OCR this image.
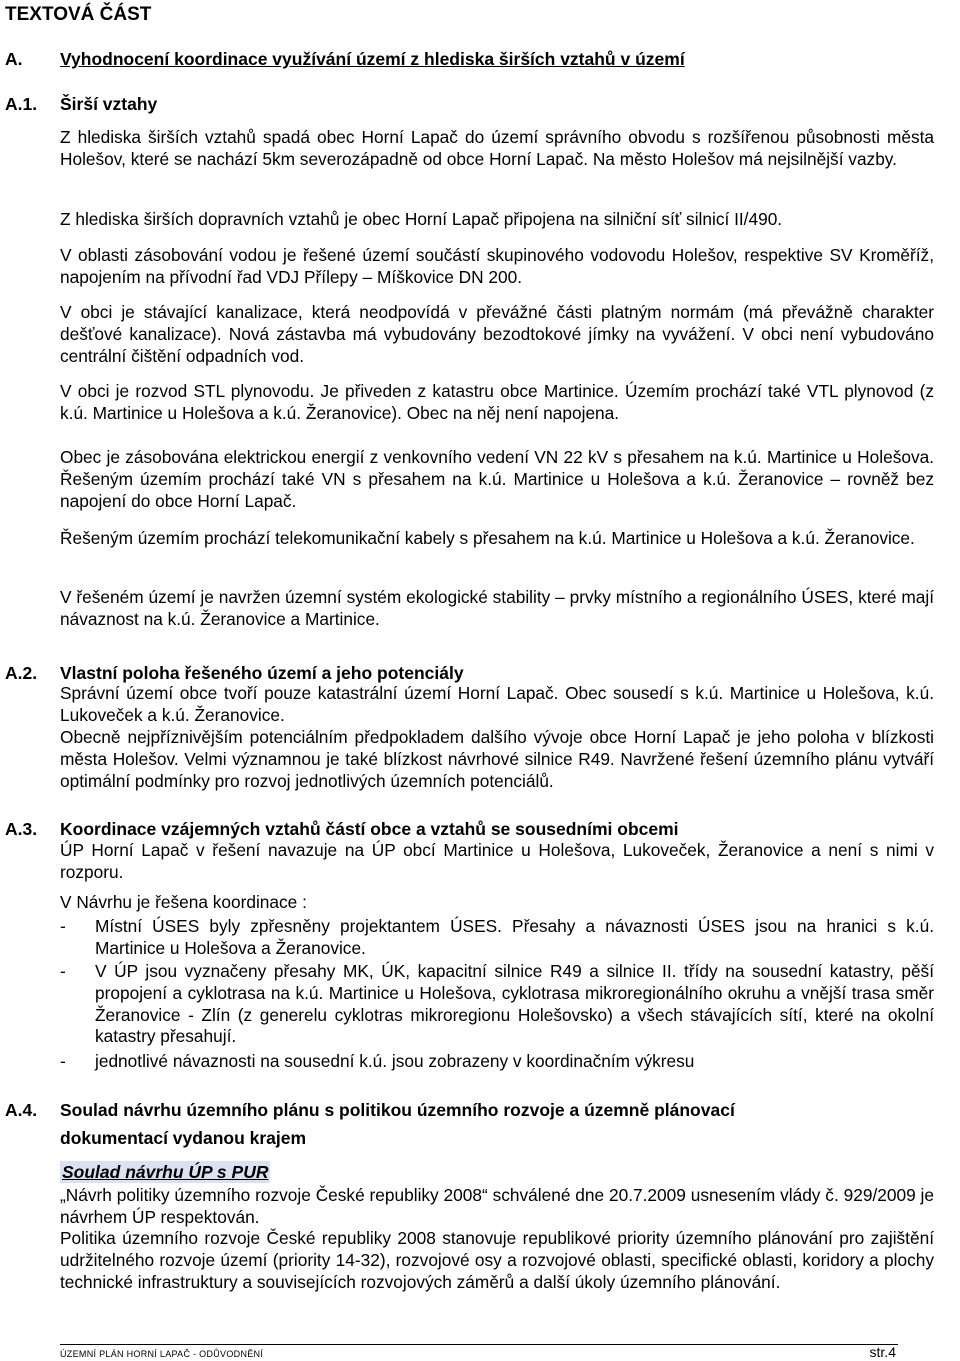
TEXTOVÁ ČÁST
A. Vyhodnocení koordinace využívání území z hlediska širších vztahů v území
A.1. Širší vztahy

Z hlediska širších vztahů spadá obec Horní Lapač do území správního obvodu s rozšířenou působnosti města Holešov, které se nachází 5km severozápadně od obce Horní Lapač. Na město Holešov má nejsilnější vazby.

Z hlediska širších dopravních vztahů je obec Horní Lapač připojena na silniční síť silnicí II/490.

V oblasti zásobování vodou je řešené území součástí skupinového vodovodu Holešov, respektive SV Kroměříž, napojením na přívodní řad VDJ Přílepy – Míškovice DN 200.

V obci je stávající kanalizace, která neodpovídá v převážné části platným normám (má převážně charakter dešťové kanalizace). Nová zástavba má vybudovány bezodtokové jímky na vyvážení. V obci není vybudováno centrální čištění odpadních vod.

V obci je rozvod STL plynovodu. Je přiveden z katastru obce Martinice. Územím prochází také VTL plynovod (z k.ú. Martinice u Holešova a k.ú. Žeranovice). Obec na něj není napojena.

Obec je zásobována elektrickou energií z venkovního vedení VN 22 kV s přesahem na k.ú. Martinice u Holešova. Řešeným územím prochází také VN s přesahem na k.ú. Martinice u Holešova a k.ú. Žeranovice – rovněž bez napojení do obce Horní Lapač.

Řešeným územím prochází telekomunikační kabely s přesahem na k.ú. Martinice u Holešova a k.ú. Žeranovice.

V řešeném území je navržen územní systém ekologické stability – prvky místního a regionálního ÚSES, které mají návaznost na k.ú. Žeranovice a Martinice.

A.2. Vlastní poloha řešeného území a jeho potenciály

Správní území obce tvoří pouze katastrální území Horní Lapač. Obec sousedí s k.ú. Martinice u Holešova, k.ú. Lukoveček a k.ú. Žeranovice.

Obecně nejpříznivějším potenciálním předpokladem dalšího vývoje obce Horní Lapač je jeho poloha v blízkosti města Holešov. Velmi významnou je také blízkost návrhové silnice R49. Navržené řešení územního plánu vytváří optimální podmínky pro rozvoj jednotlivých územních potenciálů.

A.3. Koordinace vzájemných vztahů částí obce a vztahů se sousedními obcemi

ÚP Horní Lapač v řešení navazuje na ÚP obcí Martinice u Holešova, Lukoveček, Žeranovice a není s nimi v rozporu.

V Návrhu je řešena koordinace :

- Místní ÚSES byly zpřesněny projektantem ÚSES. Přesahy a návaznosti ÚSES jsou na hranici s k.ú. Martinice u Holešova a Žeranovice.
- V ÚP jsou vyznačeny přesahy MK, ÚK, kapacitní silnice R49 a silnice II. třídy na sousední katastry, pěší propojení a cyklotrasa na k.ú. Martinice u Holešova, cyklotrasa mikroregionálního okruhu a vnější trasa směr Žeranovice - Zlín (z generelu cyklotras mikroregionu Holešovsko) a všech stávajících sítí, které na okolní katastry přesahují.
- jednotlivé návaznosti na sousední k.ú. jsou zobrazeny v koordinačním výkresu
A.4. Soulad návrhu územního plánu s politikou územního rozvoje a územně plánovací
dokumentací vydanou krajem
Soulad návrhu ÚP s PUR

„Návrh politiky územního rozvoje České republiky 2008“ schválené dne 20.7.2009 usnesením vlády č. 929/2009 je návrhem ÚP respektován.

Politika územního rozvoje České republiky 2008 stanovuje republikové priority územního plánování pro zajištění udržitelného rozvoje území (priority 14-32), rozvojové osy a rozvojové oblasti, specifické oblasti, koridory a plochy technické infrastruktury a souvisejících rozvojových záměrů a další úkoly územního plánování.

ÚZEMNÍ PLÁN HORNÍ LAPAČ - ODŮVODNĚNÍ	str.4
